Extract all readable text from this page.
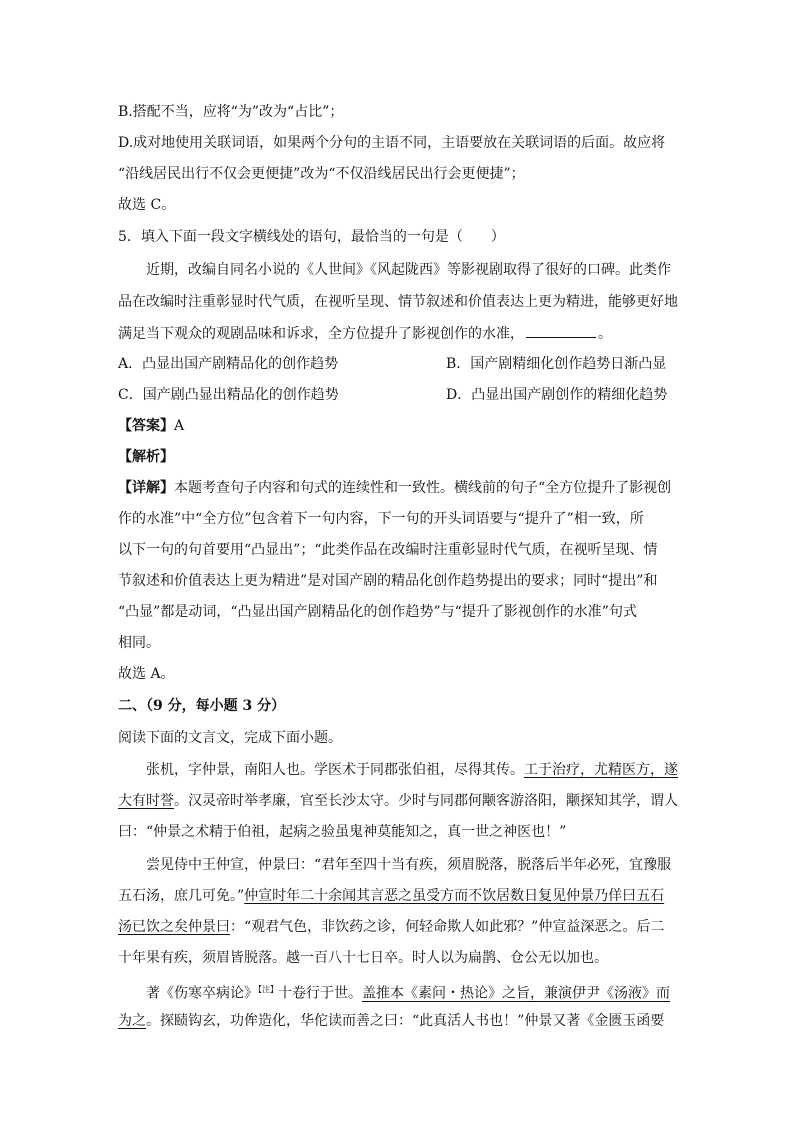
B.搭配不当，应将“为”改为“占比”；
D.成对地使用关联词语，如果两个分句的主语不同，主语要放在关联词语的后面。故应将
“沿线居民出行不仅会更便捷”改为“不仅沿线居民出行会更便捷”；
故选 C。
5．填入下面一段文字横线处的语句，最恰当的一句是（　　）
近期，改编自同名小说的《人世间》《风起陇西》等影视剧取得了很好的口碑。此类作
品在改编时注重彰显时代气质，在视听呈现、情节叙述和价值表达上更为精进，能够更好地
满足当下观众的观剧品味和诉求，全方位提升了影视创作的水准，	。
A．凸显出国产剧精品化的创作趋势	B．国产剧精细化创作趋势日渐凸显
C．国产剧凸显出精品化的创作趋势	D．凸显出国产剧创作的精细化趋势
【答案】A
【解析】
【详解】本题考查句子内容和句式的连续性和一致性。横线前的句子“全方位提升了影视创
作的水准”中“全方位”包含着下一句内容，下一句的开头词语要与“提升了”相一致，所
以下一句的句首要用“凸显出”；“此类作品在改编时注重彰显时代气质，在视听呈现、情
节叙述和价值表达上更为精进”是对国产剧的精品化创作趋势提出的要求；同时“提出”和
“凸显”都是动词，“凸显出国产剧精品化的创作趋势”与“提升了影视创作的水准”句式
相同。
故选 A。
二、（9 分，每小题 3 分）
阅读下面的文言文，完成下面小题。
张机，字仲景，南阳人也。学医术于同郡张伯祖，尽得其传。工于治疗，尤精医方，遂
大有时誉。汉灵帝时举孝廉，官至长沙太守。少时与同郡何颙客游洛阳，颙探知其学，谓人
曰：“仲景之术精于伯祖，起病之验虽鬼神莫能知之，真一世之神医也！”
尝见侍中王仲宣，仲景曰：“君年至四十当有疾，须眉脱落，脱落后半年必死，宜豫服
五石汤，庶几可免。”仲宣时年二十余闻其言恶之虽受方而不饮居数日复见仲景乃佯曰五石
汤已饮之矣仲景曰：“观君气色，非饮药之诊，何轻命欺人如此邪？”仲宣益深恶之。后二
十年果有疾，须眉皆脱落。越一百八十七日卒。时人以为扁鹊、仓公无以加也。
著《伤寒卒病论》$^{【注】}$十卷行于世。盖推本《素问・热论》之旨，兼演伊尹《汤液》而
为之。探赜钩玄，功侔造化，华佗读而善之曰：“此真活人书也！”仲景又著《金匮玉函要
